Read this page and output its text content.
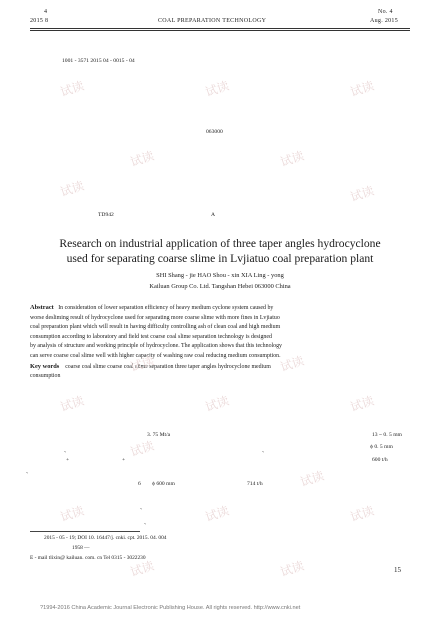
4
2015 8	COAL PREPARATION TECHNOLOGY
No. 4
Aug. 2015
1001 - 3571 2015 04 - 0015 - 04
063000
TD942	A
Research on industrial application of three taper angles hydrocyclone
used for separating coarse slime in Lvjiatuo coal preparation plant
SHI Shang - jie HAO Shou - xin XIA Ling - yong
Kailuan Group Co. Ltd. Tangshan Hebei 063000 China
Abstract In consideration of lower separation efficiency of heavy medium cyclone system caused by
worse desliming result of hydrocyclone used for separating more coarse slime with more fines in Lvjiatuo
coal preparation plant which will result in having difficulty controlling ash of clean coal and high medium
consumption according to laboratory and field test coarse coal slime separation technology is designed
by analysis of structure and working principle of hydrocyclone. The application shows that this technology
can serve coarse coal slime well with higher capacity of washing raw coal reducing medium consumption.
Key words coarse coal slime coarse coal slime separation three taper angles hydrocyclone medium
consumption
3. 75 Mt/a	13 ~ 0. 5 mm
、	、
ϕ 0. 5 mm
+	+	600 t/h
、
6 ϕ 600 mm	714 t/h
、
、
2015 - 05 - 19; DOI 10. 16447/j. cnki. cpt. 2015. 04. 004
1958 —
E - mail tlixin@ kailuan. com. cn Tel 0315 - 3022230
15
?1994-2016 China Academic Journal Electronic Publishing House. All rights reserved. http://www.cnki.net
试读	试读	试读
试读	试读
试读	试读
试读	试读
试读	试读	试读
试读
试读
试读	试读	试读
试读	试读
